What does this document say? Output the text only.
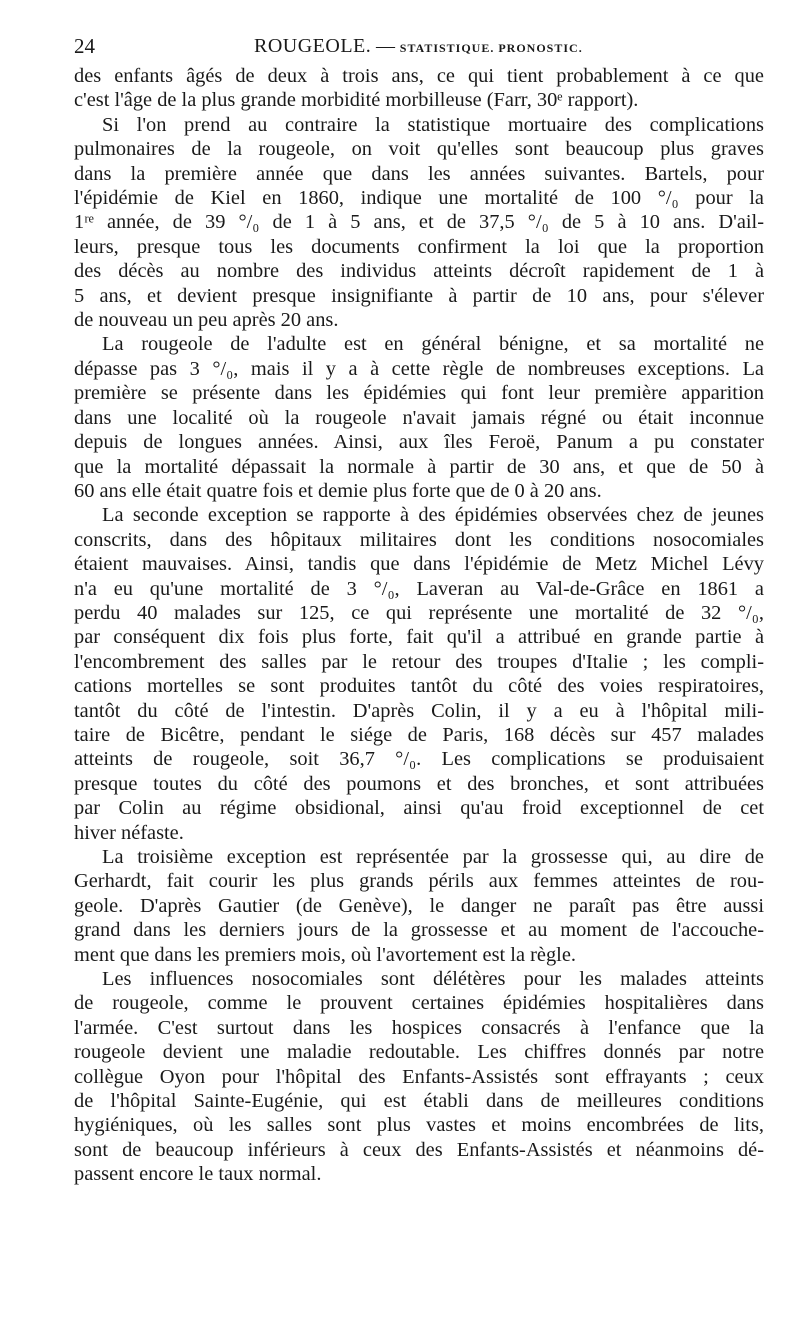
24	ROUGEOLE. — STATISTIQUE. PRONOSTIC.

des enfants âgés de deux à trois ans, ce qui tient probablement à ce que
c'est l'âge de la plus grande morbidité morbilleuse (Farr, 30ᵉ rapport).

Si l'on prend au contraire la statistique mortuaire des complications
pulmonaires de la rougeole, on voit qu'elles sont beaucoup plus graves
dans la première année que dans les années suivantes. Bartels, pour
l'épidémie de Kiel en 1860, indique une mortalité de 100 °/₀ pour la
1ʳᵉ année, de 39 °/₀ de 1 à 5 ans, et de 37,5 °/₀ de 5 à 10 ans. D'ail-
leurs, presque tous les documents confirment la loi que la proportion
des décès au nombre des individus atteints décroît rapidement de 1 à
5 ans, et devient presque insignifiante à partir de 10 ans, pour s'élever
de nouveau un peu après 20 ans.

La rougeole de l'adulte est en général bénigne, et sa mortalité ne
dépasse pas 3 °/₀, mais il y a à cette règle de nombreuses exceptions. La
première se présente dans les épidémies qui font leur première apparition
dans une localité où la rougeole n'avait jamais régné ou était inconnue
depuis de longues années. Ainsi, aux îles Feroë, Panum a pu constater
que la mortalité dépassait la normale à partir de 30 ans, et que de 50 à
60 ans elle était quatre fois et demie plus forte que de 0 à 20 ans.

La seconde exception se rapporte à des épidémies observées chez de jeunes
conscrits, dans des hôpitaux militaires dont les conditions nosocomiales
étaient mauvaises. Ainsi, tandis que dans l'épidémie de Metz Michel Lévy
n'a eu qu'une mortalité de 3 °/₀, Laveran au Val-de-Grâce en 1861 a
perdu 40 malades sur 125, ce qui représente une mortalité de 32 °/₀,
par conséquent dix fois plus forte, fait qu'il a attribué en grande partie à
l'encombrement des salles par le retour des troupes d'Italie ; les compli-
cations mortelles se sont produites tantôt du côté des voies respiratoires,
tantôt du côté de l'intestin. D'après Colin, il y a eu à l'hôpital mili-
taire de Bicêtre, pendant le siége de Paris, 168 décès sur 457 malades
atteints de rougeole, soit 36,7 °/₀. Les complications se produisaient
presque toutes du côté des poumons et des bronches, et sont attribuées
par Colin au régime obsidional, ainsi qu'au froid exceptionnel de cet
hiver néfaste.

La troisième exception est représentée par la grossesse qui, au dire de
Gerhardt, fait courir les plus grands périls aux femmes atteintes de rou-
geole. D'après Gautier (de Genève), le danger ne paraît pas être aussi
grand dans les derniers jours de la grossesse et au moment de l'accouche-
ment que dans les premiers mois, où l'avortement est la règle.

Les influences nosocomiales sont délétères pour les malades atteints
de rougeole, comme le prouvent certaines épidémies hospitalières dans
l'armée. C'est surtout dans les hospices consacrés à l'enfance que la
rougeole devient une maladie redoutable. Les chiffres donnés par notre
collègue Oyon pour l'hôpital des Enfants-Assistés sont effrayants ; ceux
de l'hôpital Sainte-Eugénie, qui est établi dans de meilleures conditions
hygiéniques, où les salles sont plus vastes et moins encombrées de lits,
sont de beaucoup inférieurs à ceux des Enfants-Assistés et néanmoins dé-
passent encore le taux normal.
